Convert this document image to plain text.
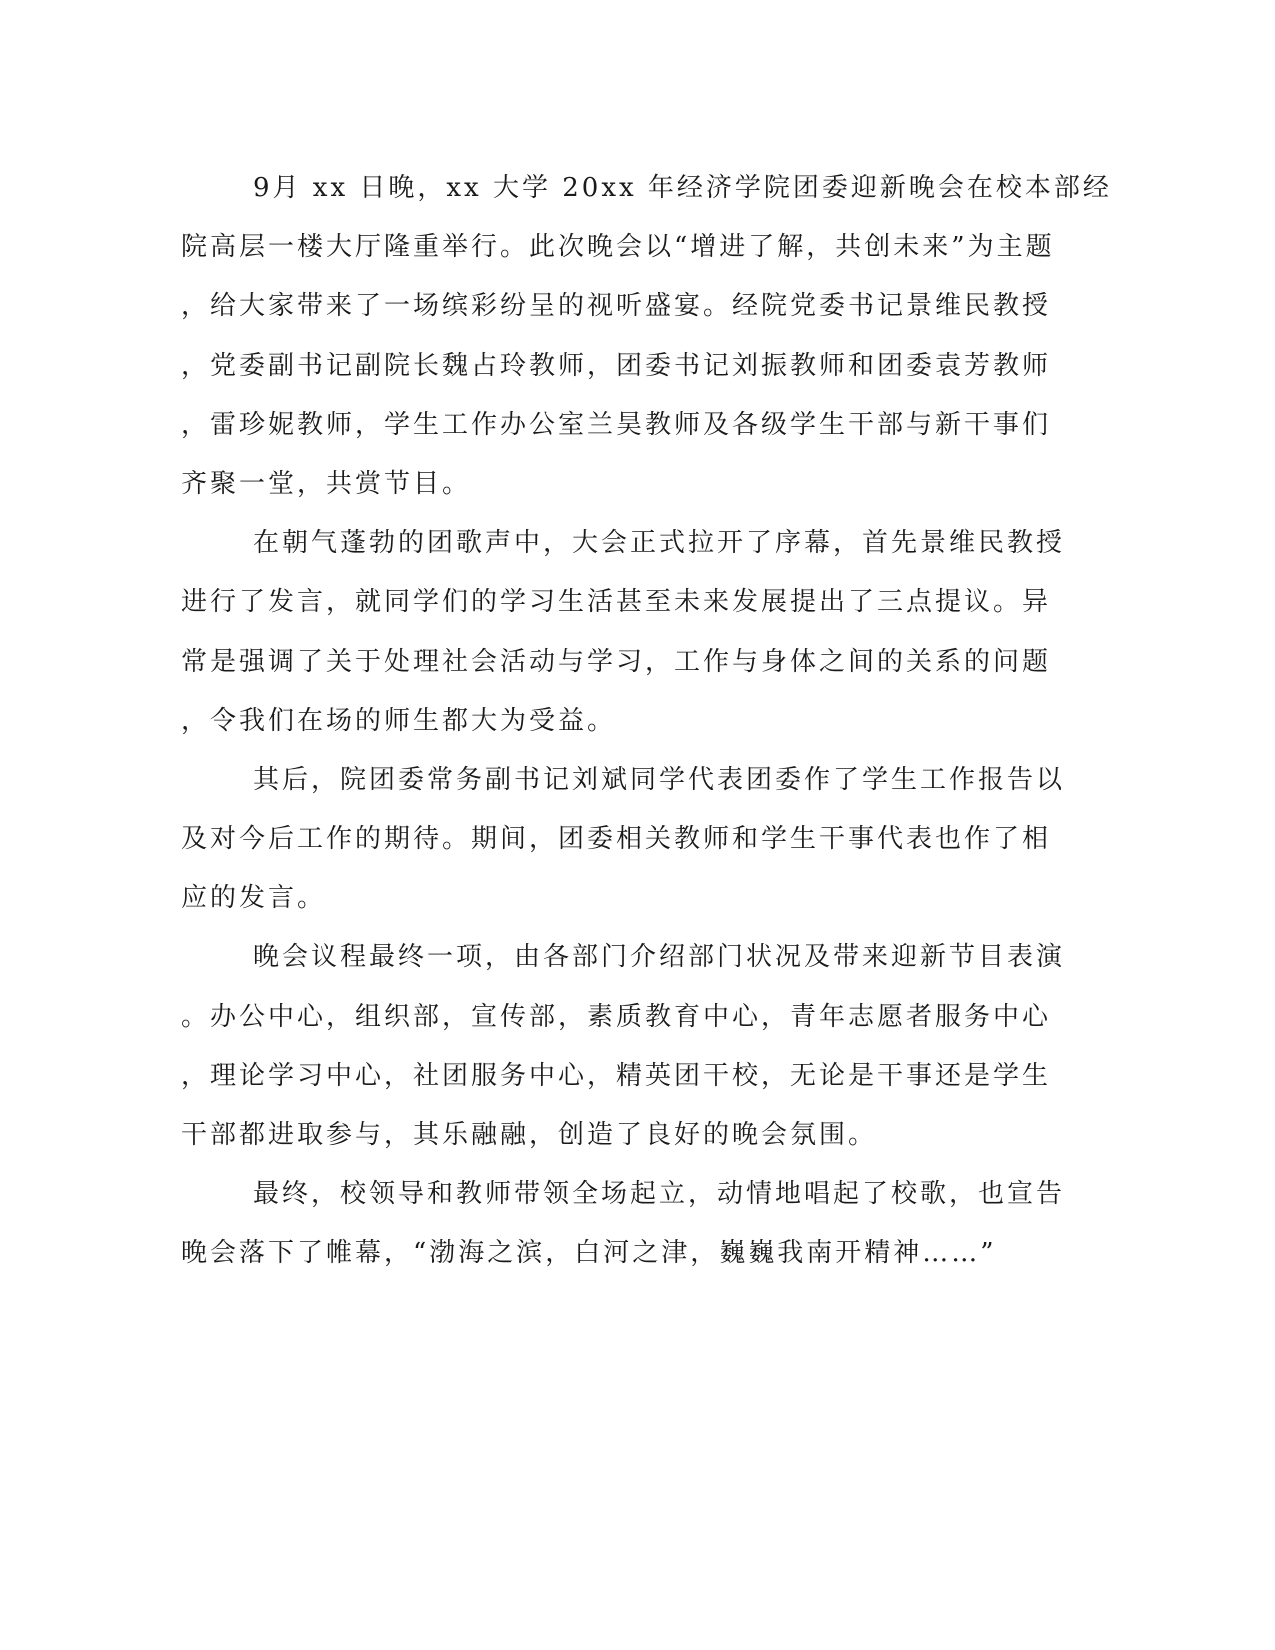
9月 xx 日晚，xx 大学 20xx 年经济学院团委迎新晚会在校本部经
院高层一楼大厅隆重举行。此次晚会以“增进了解，共创未来”为主题
，给大家带来了一场缤彩纷呈的视听盛宴。经院党委书记景维民教授
，党委副书记副院长魏占玲教师，团委书记刘振教师和团委袁芳教师
，雷珍妮教师，学生工作办公室兰昊教师及各级学生干部与新干事们
齐聚一堂，共赏节目。
在朝气蓬勃的团歌声中，大会正式拉开了序幕，首先景维民教授
进行了发言，就同学们的学习生活甚至未来发展提出了三点提议。异
常是强调了关于处理社会活动与学习，工作与身体之间的关系的问题
，令我们在场的师生都大为受益。
其后，院团委常务副书记刘斌同学代表团委作了学生工作报告以
及对今后工作的期待。期间，团委相关教师和学生干事代表也作了相
应的发言。
晚会议程最终一项，由各部门介绍部门状况及带来迎新节目表演
。办公中心，组织部，宣传部，素质教育中心，青年志愿者服务中心
，理论学习中心，社团服务中心，精英团干校，无论是干事还是学生
干部都进取参与，其乐融融，创造了良好的晚会氛围。
最终，校领导和教师带领全场起立，动情地唱起了校歌，也宣告
晚会落下了帷幕，“渤海之滨，白河之津，巍巍我南开精神……”
